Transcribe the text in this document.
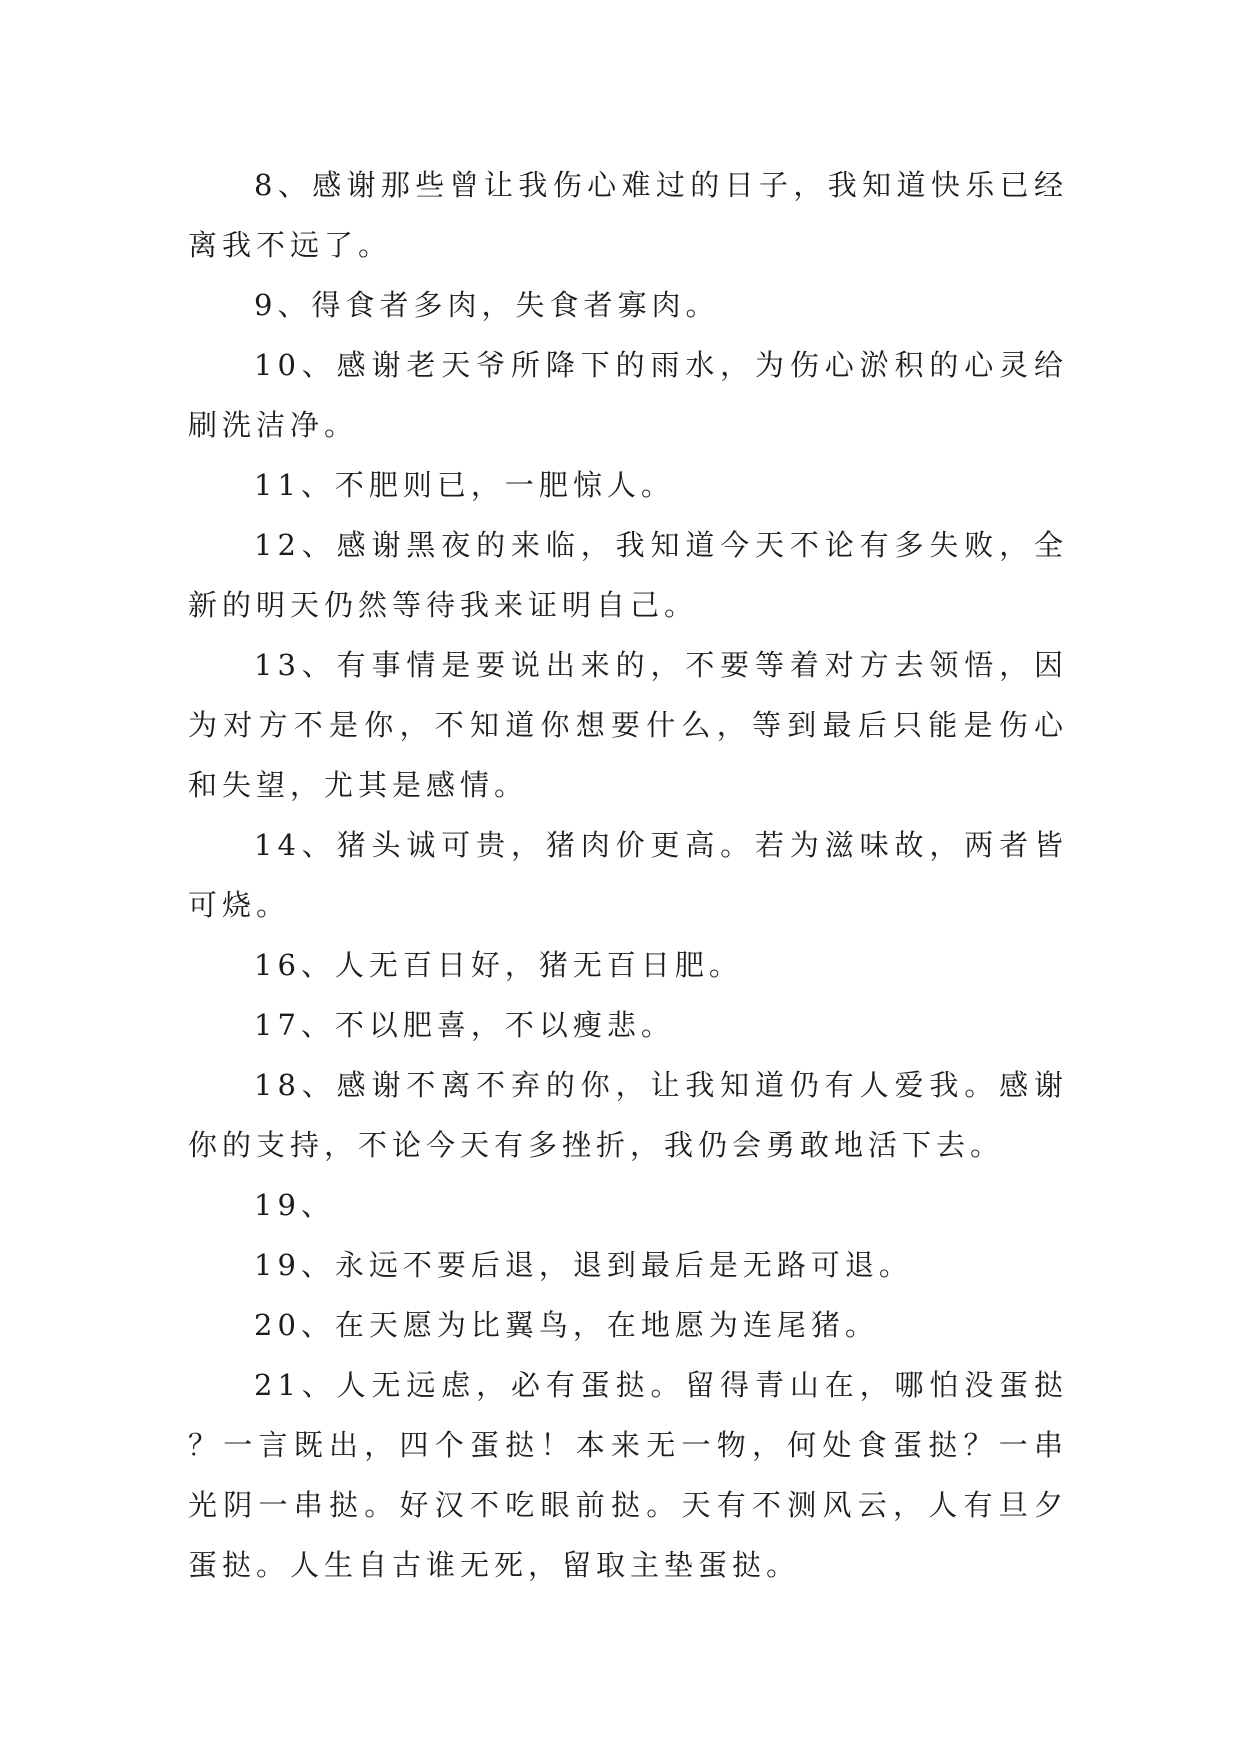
8、感谢那些曾让我伤心难过的日子，我知道快乐已经离我不远了。

9、得食者多肉，失食者寡肉。

10、感谢老天爷所降下的雨水，为伤心淤积的心灵给刷洗洁净。

11、不肥则已，一肥惊人。

12、感谢黑夜的来临，我知道今天不论有多失败，全新的明天仍然等待我来证明自己。

13、有事情是要说出来的，不要等着对方去领悟，因为对方不是你，不知道你想要什么，等到最后只能是伤心和失望，尤其是感情。

14、猪头诚可贵，猪肉价更高。若为滋味故，两者皆可烧。

16、人无百日好，猪无百日肥。

17、不以肥喜，不以瘦悲。

18、感谢不离不弃的你，让我知道仍有人爱我。感谢你的支持，不论今天有多挫折，我仍会勇敢地活下去。

19、

19、永远不要后退，退到最后是无路可退。

20、在天愿为比翼鸟，在地愿为连尾猪。

21、人无远虑，必有蛋挞。留得青山在，哪怕没蛋挞？一言既出，四个蛋挞！本来无一物，何处食蛋挞？一串光阴一串挞。好汉不吃眼前挞。天有不测风云，人有旦夕蛋挞。人生自古谁无死，留取主垫蛋挞。
